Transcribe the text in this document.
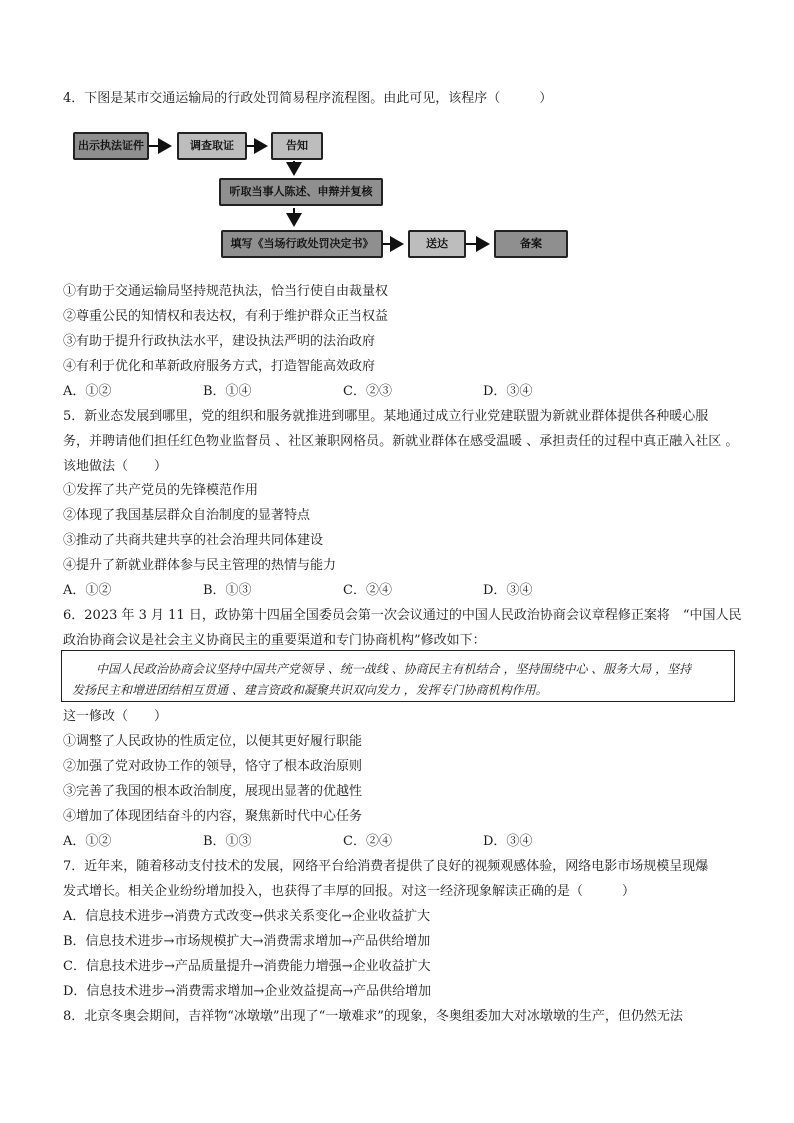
4．下图是某市交通运输局的行政处罚简易程序流程图。由此可见，该程序（　　　）
出示执法证件	调查取证	告知
听取当事人陈述、申辩并复核
填写《当场行政处罚决定书》	送达	备案
①有助于交通运输局坚持规范执法，恰当行使自由裁量权
②尊重公民的知情权和表达权，有利于维护群众正当权益
③有助于提升行政执法水平，建设执法严明的法治政府
④有利于优化和革新政府服务方式，打造智能高效政府
A．①②	B．①④	C．②③	D．③④
5．新业态发展到哪里，党的组织和服务就推进到哪里。某地通过成立行业党建联盟为新就业群体提供各种暖心服
务，并聘请他们担任红色物业监督员 、社区兼职网格员。新就业群体在感受温暖 、承担责任的过程中真正融入社区 。
该地做法（　　）
①发挥了共产党员的先锋模范作用
②体现了我国基层群众自治制度的显著特点
③推动了共商共建共享的社会治理共同体建设
④提升了新就业群体参与民主管理的热情与能力
A．①②	B．①③	C．②④	D．③④
6．2023 年 3 月 11 日，政协第十四届全国委员会第一次会议通过的中国人民政治协商会议章程修正案将　“中国人民
政治协商会议是社会主义协商民主的重要渠道和专门协商机构”修改如下：
中国人民政治协商会议坚持中国共产党领导 、统一战线 、协商民主有机结合 ，坚持围绕中心 、服务大局 ，坚持
发扬民主和增进团结相互贯通 、建言资政和凝聚共识双向发力 ，发挥专门协商机构作用。
这一修改（　　）
①调整了人民政协的性质定位，以便其更好履行职能
②加强了党对政协工作的领导，恪守了根本政治原则
③完善了我国的根本政治制度，展现出显著的优越性
④增加了体现团结奋斗的内容，聚焦新时代中心任务
A．①②	B．①③	C．②④	D．③④
7．近年来，随着移动支付技术的发展，网络平台给消费者提供了良好的视频观感体验，网络电影市场规模呈现爆
发式增长。相关企业纷纷增加投入，也获得了丰厚的回报。对这一经济现象解读正确的是（　　　）
A．信息技术进步→消费方式改变→供求关系变化→企业收益扩大
B．信息技术进步→市场规模扩大→消费需求增加→产品供给增加
C．信息技术进步→产品质量提升→消费能力增强→企业收益扩大
D．信息技术进步→消费需求增加→企业效益提高→产品供给增加
8．北京冬奥会期间，吉祥物“冰墩墩”出现了“一墩难求”的现象，冬奥组委加大对冰墩墩的生产，但仍然无法
